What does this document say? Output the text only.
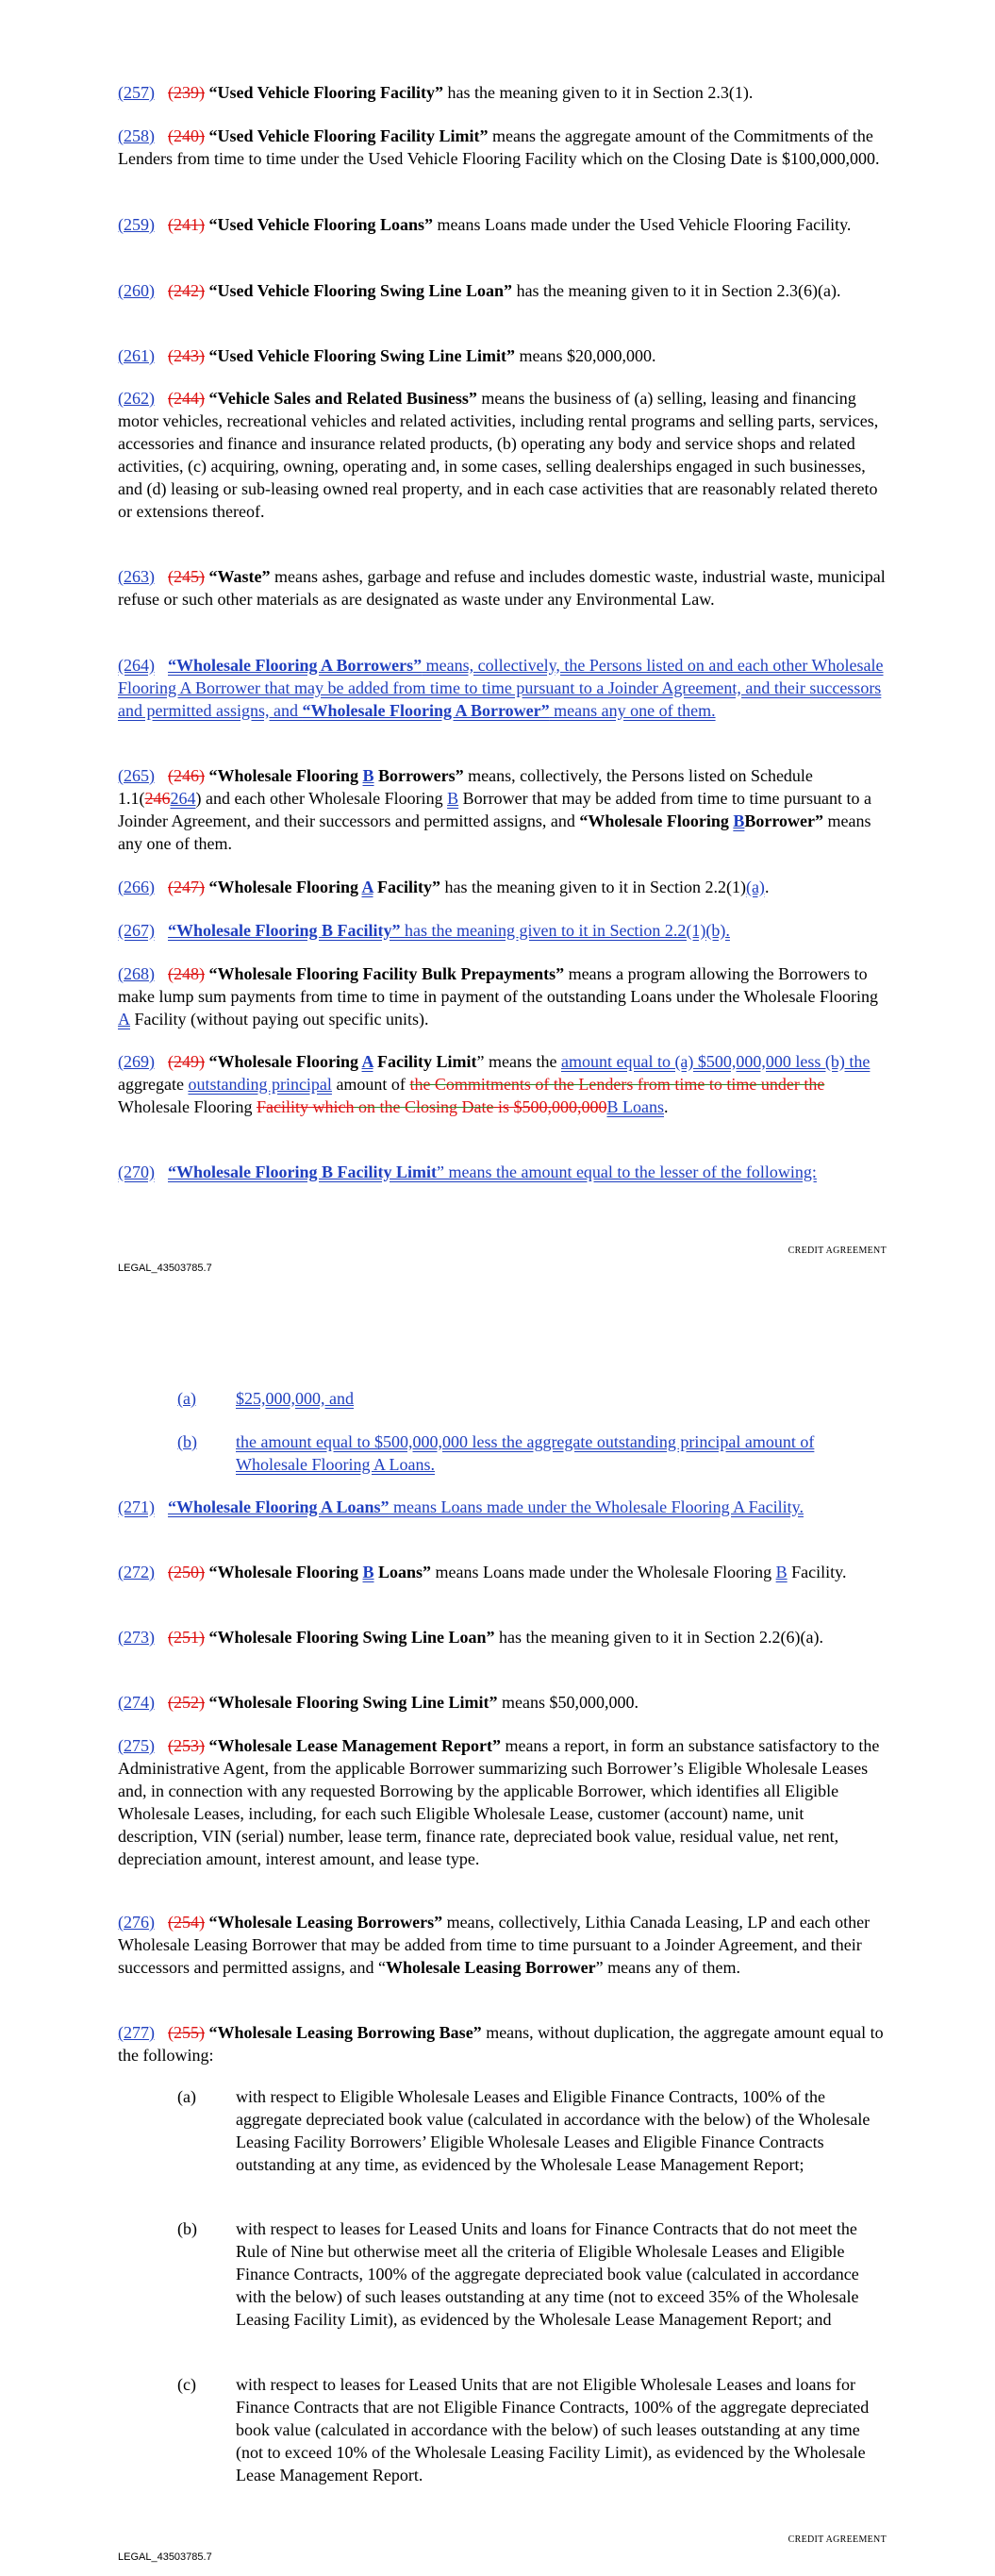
(257) (239) “Used Vehicle Flooring Facility” has the meaning given to it in Section 2.3(1).
(258) (240) “Used Vehicle Flooring Facility Limit” means the aggregate amount of the Commitments of the Lenders from time to time under the Used Vehicle Flooring Facility which on the Closing Date is $100,000,000.
(259) (241) “Used Vehicle Flooring Loans” means Loans made under the Used Vehicle Flooring Facility.
(260) (242) “Used Vehicle Flooring Swing Line Loan” has the meaning given to it in Section 2.3(6)(a).
(261) (243) “Used Vehicle Flooring Swing Line Limit” means $20,000,000.
(262) (244) “Vehicle Sales and Related Business” means the business of (a) selling, leasing and financing motor vehicles, recreational vehicles and related activities, including rental programs and selling parts, services, accessories and finance and insurance related products, (b) operating any body and service shops and related activities, (c) acquiring, owning, operating and, in some cases, selling dealerships engaged in such businesses, and (d) leasing or sub-leasing owned real property, and in each case activities that are reasonably related thereto or extensions thereof.
(263) (245) “Waste” means ashes, garbage and refuse and includes domestic waste, industrial waste, municipal refuse or such other materials as are designated as waste under any Environmental Law.
(264) “Wholesale Flooring A Borrowers” means, collectively, the Persons listed on and each other Wholesale Flooring A Borrower that may be added from time to time pursuant to a Joinder Agreement, and their successors and permitted assigns, and “Wholesale Flooring A Borrower” means any one of them.
(265) (246) “Wholesale Flooring B Borrowers” means, collectively, the Persons listed on Schedule 1.1(246264) and each other Wholesale Flooring B Borrower that may be added from time to time pursuant to a Joinder Agreement, and their successors and permitted assigns, and “Wholesale Flooring BBorrower” means any one of them.
(266) (247) “Wholesale Flooring A Facility” has the meaning given to it in Section 2.2(1)(a).
(267) “Wholesale Flooring B Facility” has the meaning given to it in Section 2.2(1)(b).
(268) (248) “Wholesale Flooring Facility Bulk Prepayments” means a program allowing the Borrowers to make lump sum payments from time to time in payment of the outstanding Loans under the Wholesale Flooring A Facility (without paying out specific units).
(269) (249) “Wholesale Flooring A Facility Limit” means the amount equal to (a) $500,000,000 less (b) the aggregate outstanding principal amount of the Commitments of the Lenders from time to time under the Wholesale Flooring Facility which on the Closing Date is $500,000,000B Loans.
(270) “Wholesale Flooring B Facility Limit” means the amount equal to the lesser of the following:
CREDIT AGREEMENT
LEGAL_43503785.7
(a) $25,000,000, and
(b) the amount equal to $500,000,000 less the aggregate outstanding principal amount of Wholesale Flooring A Loans.
(271) “Wholesale Flooring A Loans” means Loans made under the Wholesale Flooring A Facility.
(272) (250) “Wholesale Flooring B Loans” means Loans made under the Wholesale Flooring B Facility.
(273) (251) “Wholesale Flooring Swing Line Loan” has the meaning given to it in Section 2.2(6)(a).
(274) (252) “Wholesale Flooring Swing Line Limit” means $50,000,000.
(275) (253) “Wholesale Lease Management Report” means a report, in form an substance satisfactory to the Administrative Agent, from the applicable Borrower summarizing such Borrower’s Eligible Wholesale Leases and, in connection with any requested Borrowing by the applicable Borrower, which identifies all Eligible Wholesale Leases, including, for each such Eligible Wholesale Lease, customer (account) name, unit description, VIN (serial) number, lease term, finance rate, depreciated book value, residual value, net rent, depreciation amount, interest amount, and lease type.
(276) (254) “Wholesale Leasing Borrowers” means, collectively, Lithia Canada Leasing, LP and each other Wholesale Leasing Borrower that may be added from time to time pursuant to a Joinder Agreement, and their successors and permitted assigns, and “Wholesale Leasing Borrower” means any of them.
(277) (255) “Wholesale Leasing Borrowing Base” means, without duplication, the aggregate amount equal to the following:
(a) with respect to Eligible Wholesale Leases and Eligible Finance Contracts, 100% of the aggregate depreciated book value (calculated in accordance with the below) of the Wholesale Leasing Facility Borrowers’ Eligible Wholesale Leases and Eligible Finance Contracts outstanding at any time, as evidenced by the Wholesale Lease Management Report;
(b) with respect to leases for Leased Units and loans for Finance Contracts that do not meet the Rule of Nine but otherwise meet all the criteria of Eligible Wholesale Leases and Eligible Finance Contracts, 100% of the aggregate depreciated book value (calculated in accordance with the below) of such leases outstanding at any time (not to exceed 35% of the Wholesale Leasing Facility Limit), as evidenced by the Wholesale Lease Management Report; and
(c) with respect to leases for Leased Units that are not Eligible Wholesale Leases and loans for Finance Contracts that are not Eligible Finance Contracts, 100% of the aggregate depreciated book value (calculated in accordance with the below) of such leases outstanding at any time (not to exceed 10% of the Wholesale Leasing Facility Limit), as evidenced by the Wholesale Lease Management Report.
CREDIT AGREEMENT
LEGAL_43503785.7
